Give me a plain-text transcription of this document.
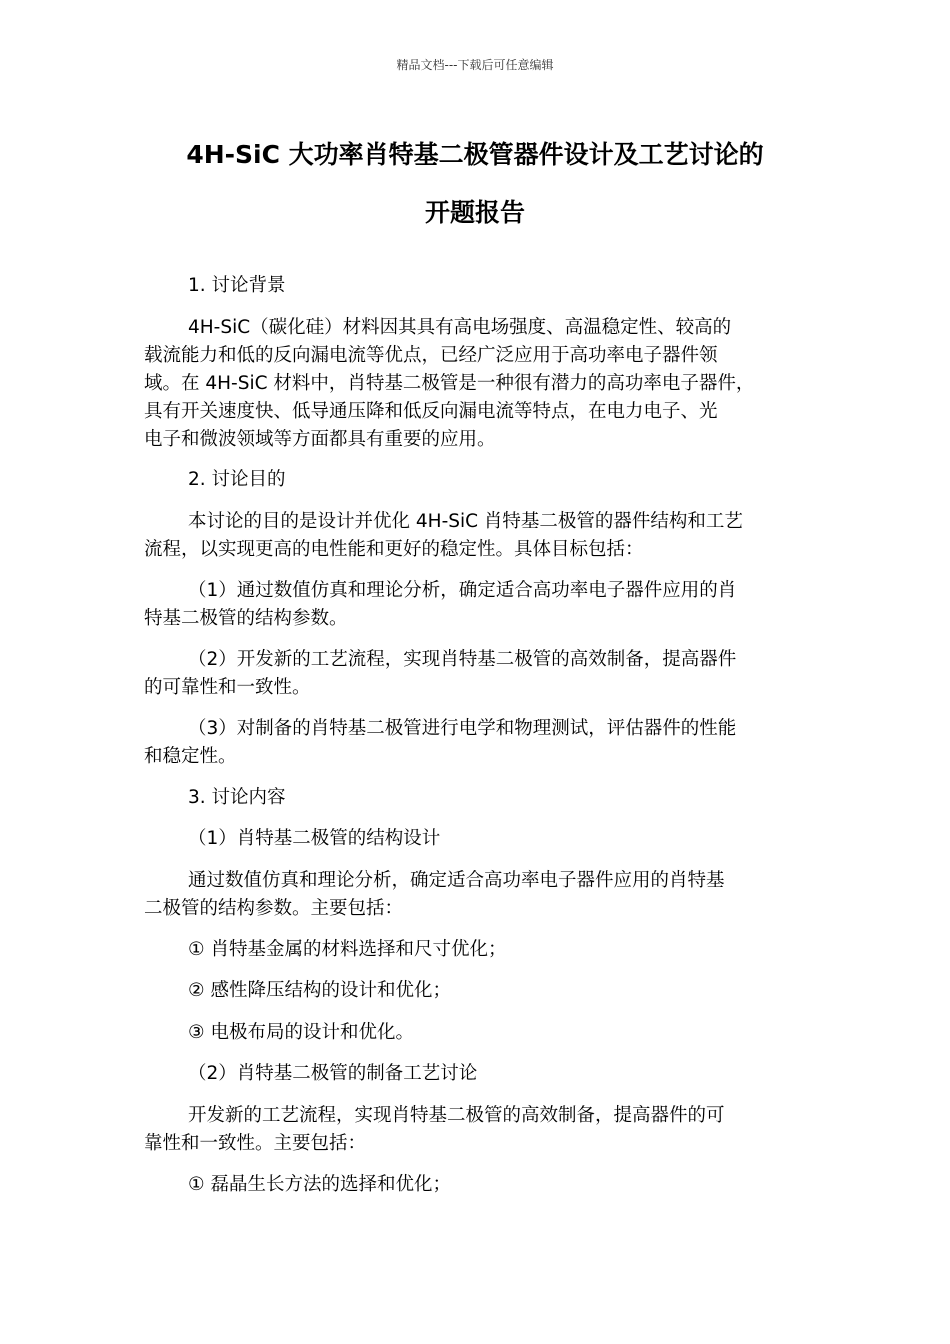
精品文档---下载后可任意编辑
4H-SiC 大功率肖特基二极管器件设计及工艺讨论的
开题报告
1. 讨论背景
4H-SiC（碳化硅）材料因其具有高电场强度、高温稳定性、较高的
载流能力和低的反向漏电流等优点，已经广泛应用于高功率电子器件领
域。在 4H-SiC 材料中，肖特基二极管是一种很有潜力的高功率电子器件，
具有开关速度快、低导通压降和低反向漏电流等特点，在电力电子、光
电子和微波领域等方面都具有重要的应用。
2. 讨论目的
本讨论的目的是设计并优化 4H-SiC 肖特基二极管的器件结构和工艺
流程，以实现更高的电性能和更好的稳定性。具体目标包括：
（1）通过数值仿真和理论分析，确定适合高功率电子器件应用的肖
特基二极管的结构参数。
（2）开发新的工艺流程，实现肖特基二极管的高效制备，提高器件
的可靠性和一致性。
（3）对制备的肖特基二极管进行电学和物理测试，评估器件的性能
和稳定性。
3. 讨论内容
（1）肖特基二极管的结构设计
通过数值仿真和理论分析，确定适合高功率电子器件应用的肖特基
二极管的结构参数。主要包括：
① 肖特基金属的材料选择和尺寸优化；
② 感性降压结构的设计和优化；
③ 电极布局的设计和优化。
（2）肖特基二极管的制备工艺讨论
开发新的工艺流程，实现肖特基二极管的高效制备，提高器件的可
靠性和一致性。主要包括：
① 磊晶生长方法的选择和优化；
